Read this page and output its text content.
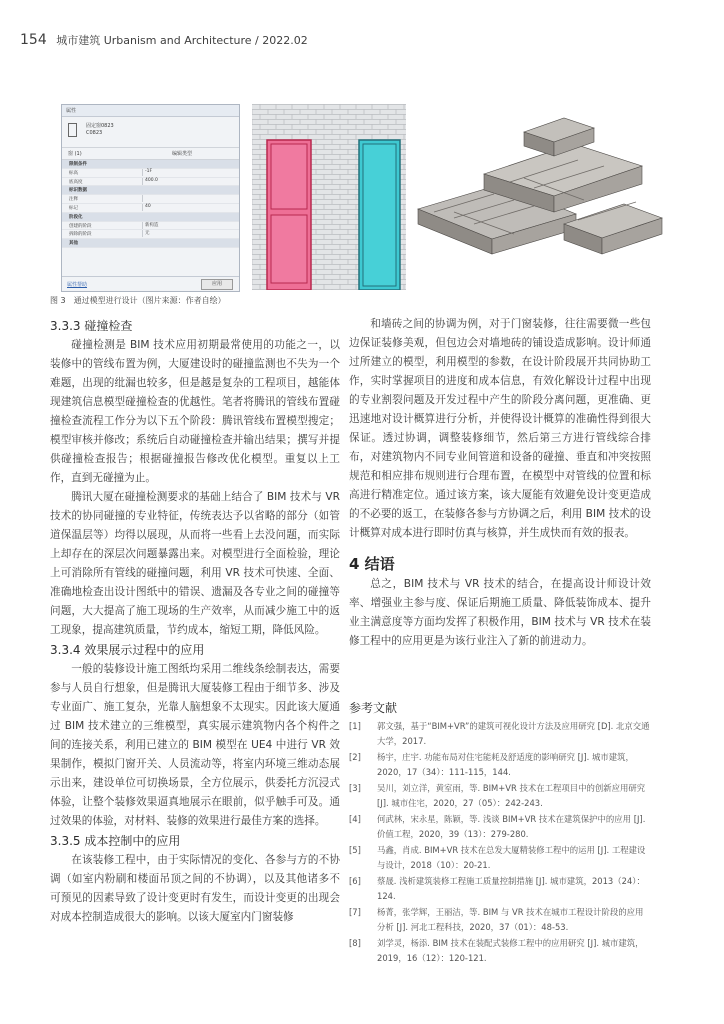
154 城市建筑 Urbanism and Architecture / 2022.02
属性
固定窗0823
C0823
窗 (1)	编辑类型
限制条件
标高	-1F
底高度	400.0
标识数据
注释
标记	40
阶段化
创建的阶段	新构造
拆除的阶段	无
其他
属性帮助	应用
图 3　通过模型进行设计（图片来源：作者自绘）
3.3.3 碰撞检查

碰撞检测是 BIM 技术应用初期最常使用的功能之一，以装修中的管线布置为例，大厦建设时的碰撞监测也不失为一个难题，出现的纰漏也较多，但是越是复杂的工程项目，越能体现建筑信息模型碰撞检查的优越性。笔者将腾讯的管线布置碰撞检查流程工作分为以下五个阶段：腾讯管线布置模型搜定；模型审核并修改；系统后自动碰撞检查并输出结果；撰写并提供碰撞检查报告；根据碰撞报告修改优化模型。重复以上工作，直到无碰撞为止。

腾讯大厦在碰撞检测要求的基础上结合了 BIM 技术与 VR 技术的协同碰撞的专业特征，传统表达予以省略的部分（如管道保温层等）均得以展现，从而将一些看上去没问题，而实际上却存在的深层次问题暴露出来。对模型进行全面检验，理论上可消除所有管线的碰撞问题，利用 VR 技术可快速、全面、准确地检查出设计图纸中的错误、遗漏及各专业之间的碰撞等问题，大大提高了施工现场的生产效率，从而减少施工中的返工现象，提高建筑质量，节约成本，缩短工期，降低风险。

3.3.4 效果展示过程中的应用

一般的装修设计施工图纸均采用二维线条绘制表达，需要参与人员自行想象，但是腾讯大厦装修工程由于细节多、涉及专业面广、施工复杂，光靠人脑想象不太现实。因此该大厦通过 BIM 技术建立的三维模型，真实展示建筑物内各个构件之间的连接关系，利用已建立的 BIM 模型在 UE4 中进行 VR 效果制作，模拟门窗开关、人员流动等，将室内环境三维动态展示出来，建设单位可切换场景，全方位展示，供委托方沉浸式体验，让整个装修效果逼真地展示在眼前，似乎触手可及。通过效果的体验，对材料、装修的效果进行最佳方案的选择。

3.3.5 成本控制中的应用

在该装修工程中，由于实际情况的变化、各参与方的不协调（如室内粉刷和楼面吊顶之间的不协调），以及其他诸多不可预见的因素导致了设计变更时有发生，而设计变更的出现会对成本控制造成很大的影响。以该大厦室内门窗装修

和墙砖之间的协调为例，对于门窗装修，往往需要微一些包边保证装修美观，但包边会对墙地砖的铺设造成影响。设计师通过所建立的模型，利用模型的参数，在设计阶段展开共同协助工作，实时掌握项目的进度和成本信息，有效化解设计过程中出现的专业割裂问题及开发过程中产生的阶段分离问题，更准确、更迅速地对设计概算进行分析，并使得设计概算的准确性得到很大保证。透过协调，调整装修细节，然后第三方进行管线综合排布，对建筑物内不同专业间管道和设备的碰撞、垂直和冲突按照规范和相应排布规则进行合理布置，在模型中对管线的位置和标高进行精准定位。通过该方案，该大厦能有效避免设计变更造成的不必要的返工，在装修各参与方协调之后，利用 BIM 技术的设计概算对成本进行即时仿真与核算，并生成快而有效的报表。

4 结语

总之，BIM 技术与 VR 技术的结合，在提高设计师设计效率、增强业主参与度、保证后期施工质量、降低装饰成本、提升业主满意度等方面均发挥了积极作用，BIM 技术与 VR 技术在装修工程中的应用更是为该行业注入了新的前进动力。

参考文献
[1]	郭文强，基于“BIM+VR”的建筑可视化设计方法及应用研究 [D]. 北京交通大学，2017.
[2]	杨宇，庄宇. 功能布局对住宅能耗及舒适度的影响研究 [J]. 城市建筑，2020，17（34）：111-115，144.
[3]	吴川，刘立洋，黄室雨，等. BIM+VR 技术在工程项目中的创新应用研究 [J]. 城市住宅，2020，27（05）：242-243.
[4]	何武林，宋永星，陈颖，等. 浅谈 BIM+VR 技术在建筑保护中的应用 [J]. 价值工程，2020，39（13）：279-280.
[5]	马鑫，肖成. BIM+VR 技术在总发大厦精装修工程中的运用 [J]. 工程建设与设计，2018（10）：20-21.
[6]	蔡晟. 浅析建筑装修工程施工质量控制措施 [J]. 城市建筑，2013（24）：124.
[7]	杨菁，张学辉，王丽洁，等. BIM 与 VR 技术在城市工程设计阶段的应用分析 [J]. 河北工程科技，2020，37（01）：48-53.
[8]	刘学灵，杨添. BIM 技术在装配式装修工程中的应用研究 [J]. 城市建筑，2019，16（12）：120-121.
